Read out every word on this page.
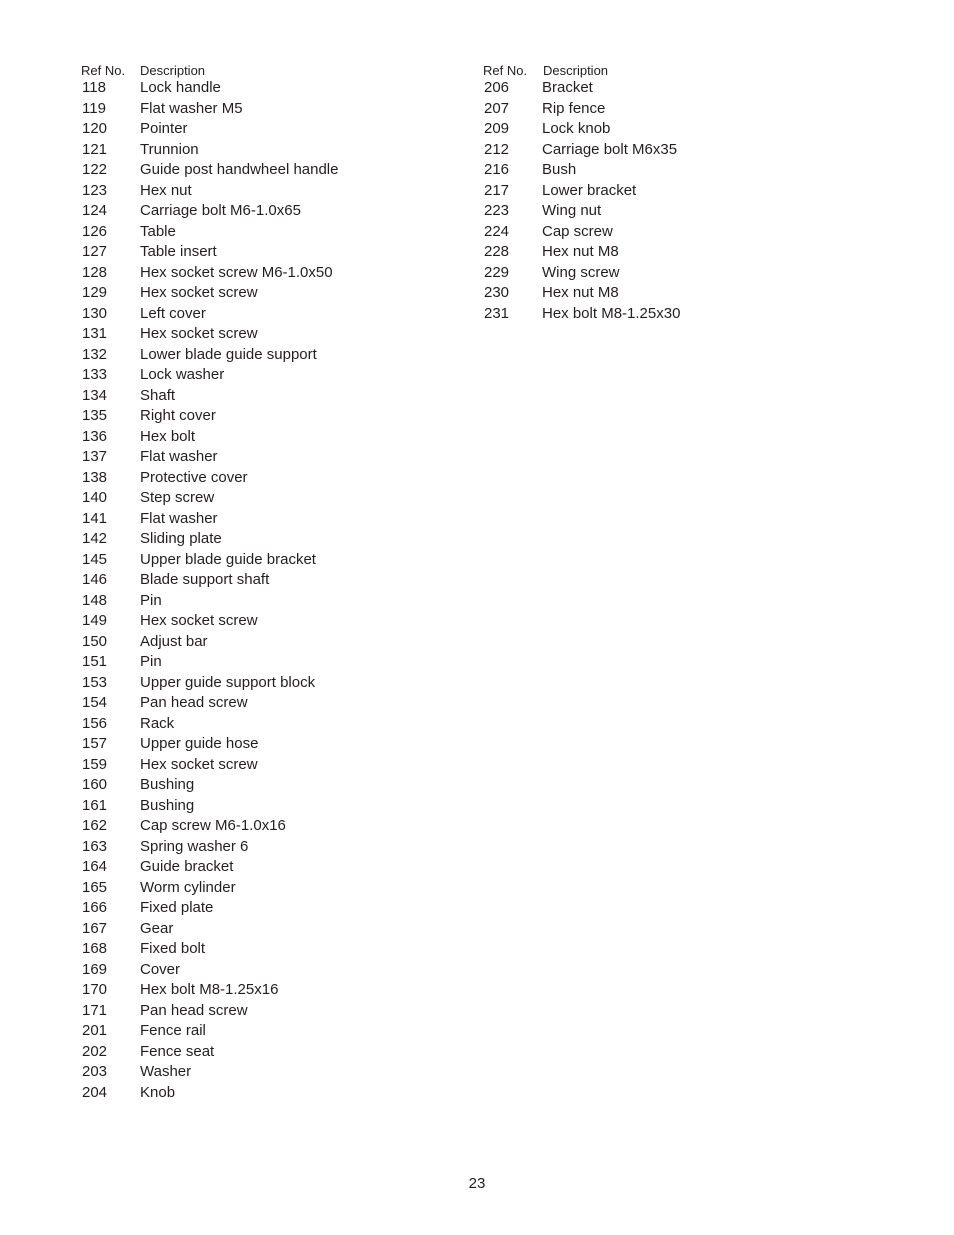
Ref No. Description
118 Lock handle
119 Flat washer M5
120 Pointer
121 Trunnion
122 Guide post handwheel handle
123 Hex nut
124 Carriage bolt M6-1.0x65
126 Table
127 Table insert
128 Hex socket screw M6-1.0x50
129 Hex socket screw
130 Left cover
131 Hex socket screw
132 Lower blade guide support
133 Lock washer
134 Shaft
135 Right cover
136 Hex bolt
137 Flat washer
138 Protective cover
140 Step screw
141 Flat washer
142 Sliding plate
145 Upper blade guide bracket
146 Blade support shaft
148 Pin
149 Hex socket screw
150 Adjust bar
151 Pin
153 Upper guide support block
154 Pan head screw
156 Rack
157 Upper guide hose
159 Hex socket screw
160 Bushing
161 Bushing
162 Cap screw M6-1.0x16
163 Spring washer 6
164 Guide bracket
165 Worm cylinder
166 Fixed plate
167 Gear
168 Fixed bolt
169 Cover
170 Hex bolt M8-1.25x16
171 Pan head screw
201 Fence rail
202 Fence seat
203 Washer
204 Knob
Ref No. Description
206 Bracket
207 Rip fence
209 Lock knob
212 Carriage bolt M6x35
216 Bush
217 Lower bracket
223 Wing nut
224 Cap screw
228 Hex nut M8
229 Wing screw
230 Hex nut M8
231 Hex bolt M8-1.25x30
23
